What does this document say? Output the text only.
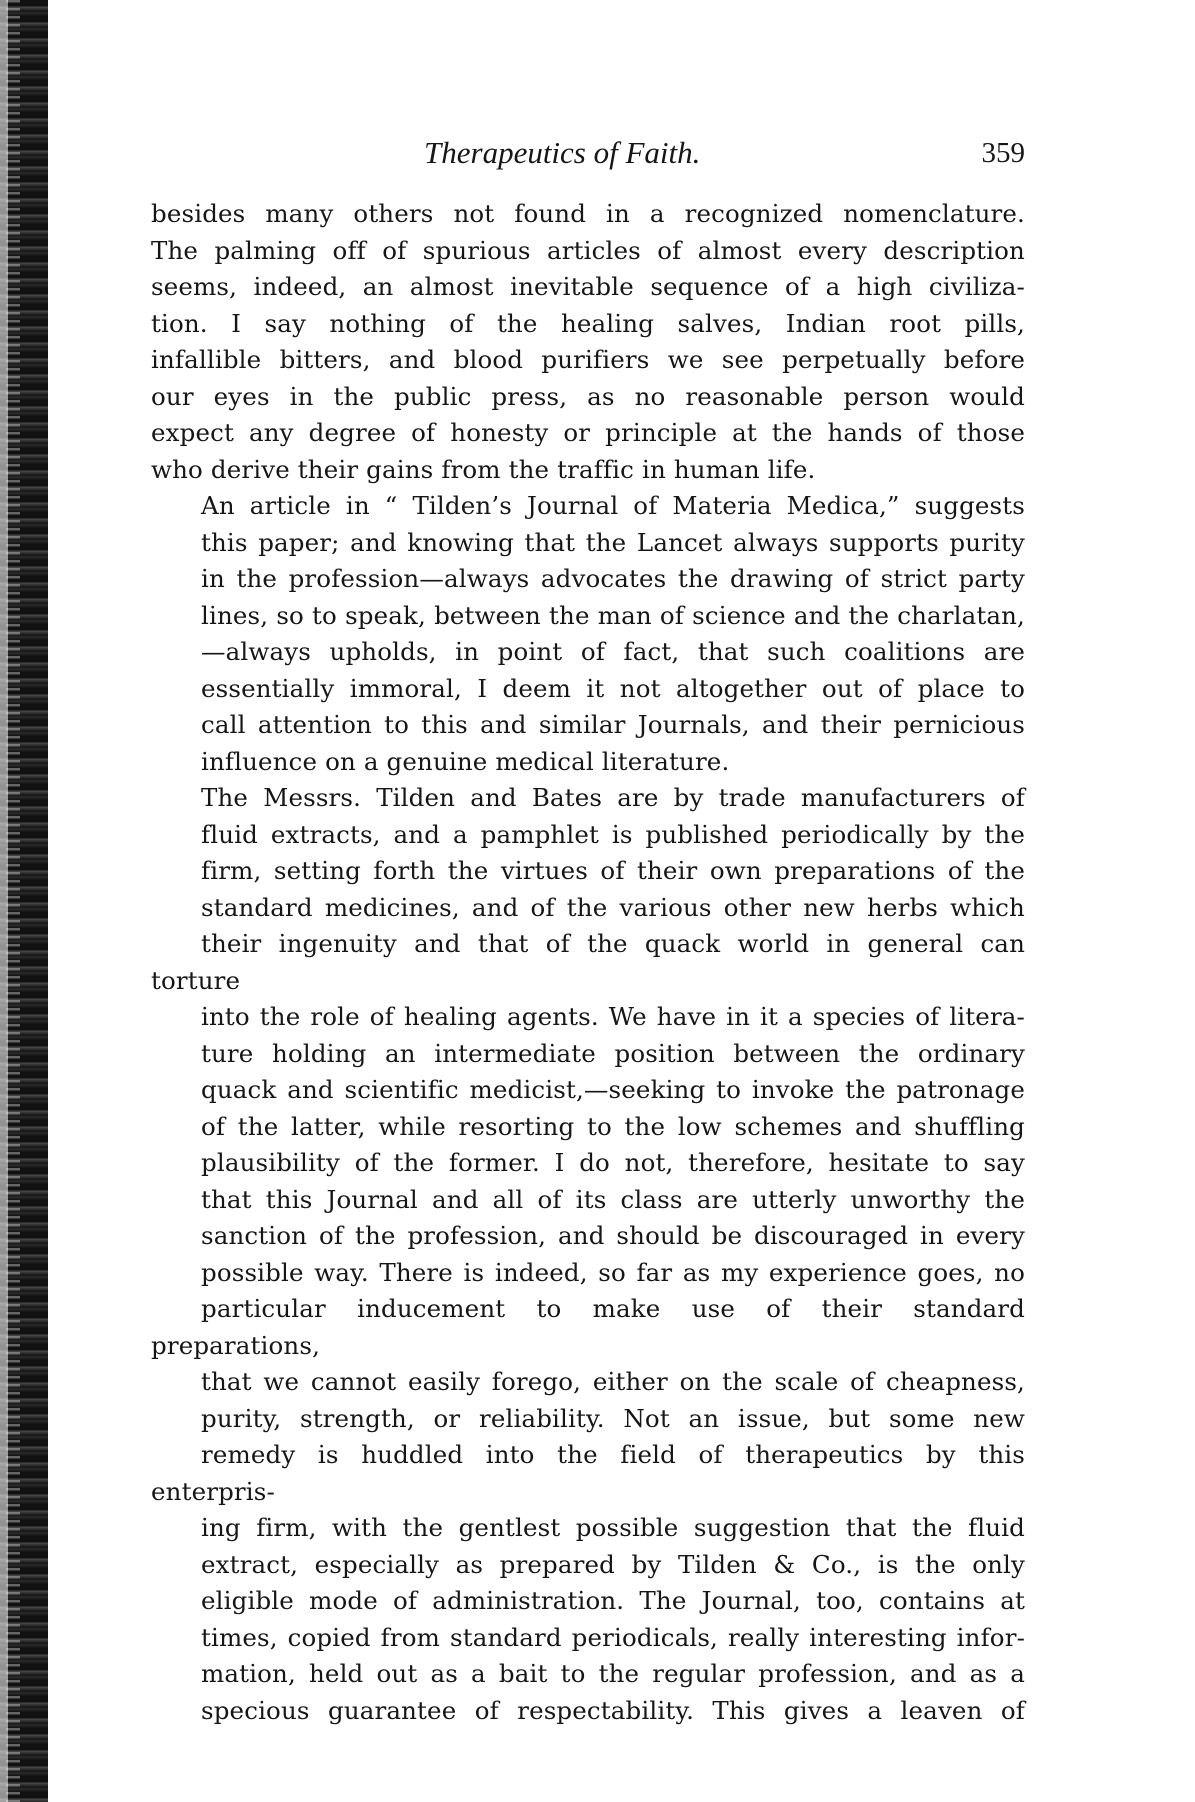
Therapeutics of Faith.	359

besides many others not found in a recognized nomenclature.
The palming off of spurious articles of almost every description
seems, indeed, an almost inevitable sequence of a high civiliza-
tion. I say nothing of the healing salves, Indian root pills,
infallible bitters, and blood purifiers we see perpetually before
our eyes in the public press, as no reasonable person would
expect any degree of honesty or principle at the hands of those
who derive their gains from the traffic in human life.

An article in “ Tilden’s Journal of Materia Medica,” suggests
this paper; and knowing that the Lancet always supports purity
in the profession—always advocates the drawing of strict party
lines, so to speak, between the man of science and the charlatan,
—always upholds, in point of fact, that such coalitions are
essentially immoral, I deem it not altogether out of place to
call attention to this and similar Journals, and their pernicious
influence on a genuine medical literature.

The Messrs. Tilden and Bates are by trade manufacturers of
fluid extracts, and a pamphlet is published periodically by the
firm, setting forth the virtues of their own preparations of the
standard medicines, and of the various other new herbs which
their ingenuity and that of the quack world in general can torture
into the role of healing agents. We have in it a species of litera-
ture holding an intermediate position between the ordinary
quack and scientific medicist,—seeking to invoke the patronage
of the latter, while resorting to the low schemes and shuffling
plausibility of the former. I do not, therefore, hesitate to say
that this Journal and all of its class are utterly unworthy the
sanction of the profession, and should be discouraged in every
possible way. There is indeed, so far as my experience goes, no
particular inducement to make use of their standard preparations,
that we cannot easily forego, either on the scale of cheapness,
purity, strength, or reliability. Not an issue, but some new
remedy is huddled into the field of therapeutics by this enterpris-
ing firm, with the gentlest possible suggestion that the fluid
extract, especially as prepared by Tilden & Co., is the only
eligible mode of administration. The Journal, too, contains at
times, copied from standard periodicals, really interesting infor-
mation, held out as a bait to the regular profession, and as a
specious guarantee of respectability. This gives a leaven of
